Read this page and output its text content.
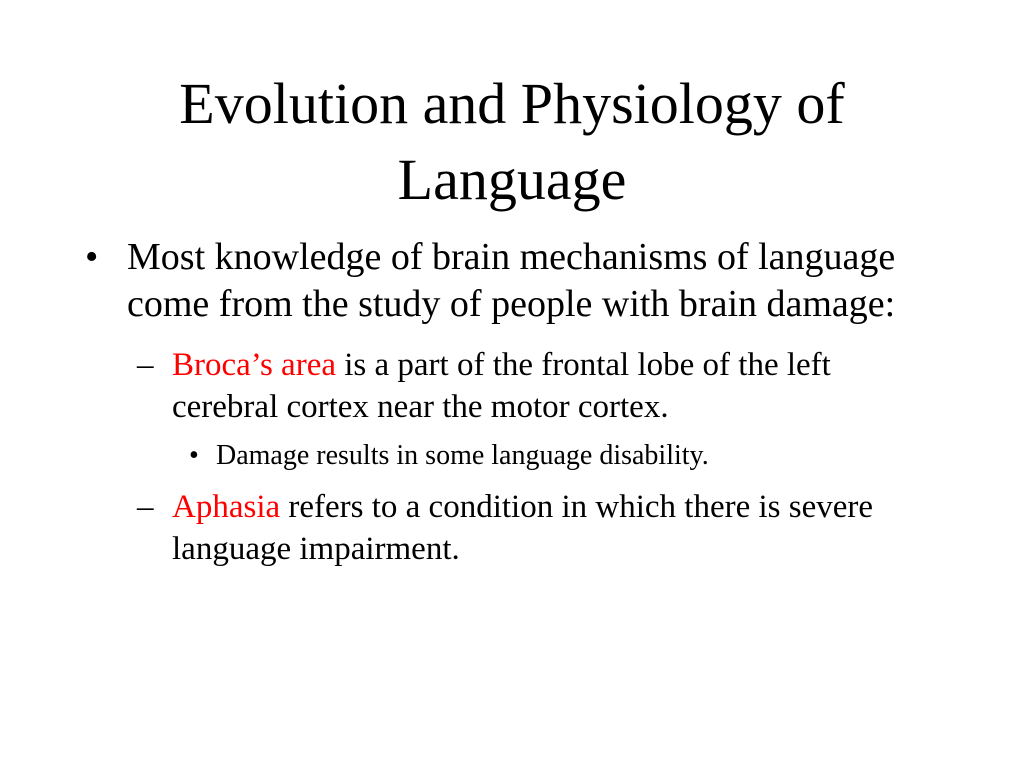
Evolution and Physiology of Language
• Most knowledge of brain mechanisms of language come from the study of people with brain damage:
– Broca’s area is a part of the frontal lobe of the left cerebral cortex near the motor cortex.
• Damage results in some language disability.
– Aphasia refers to a condition in which there is severe language impairment.
